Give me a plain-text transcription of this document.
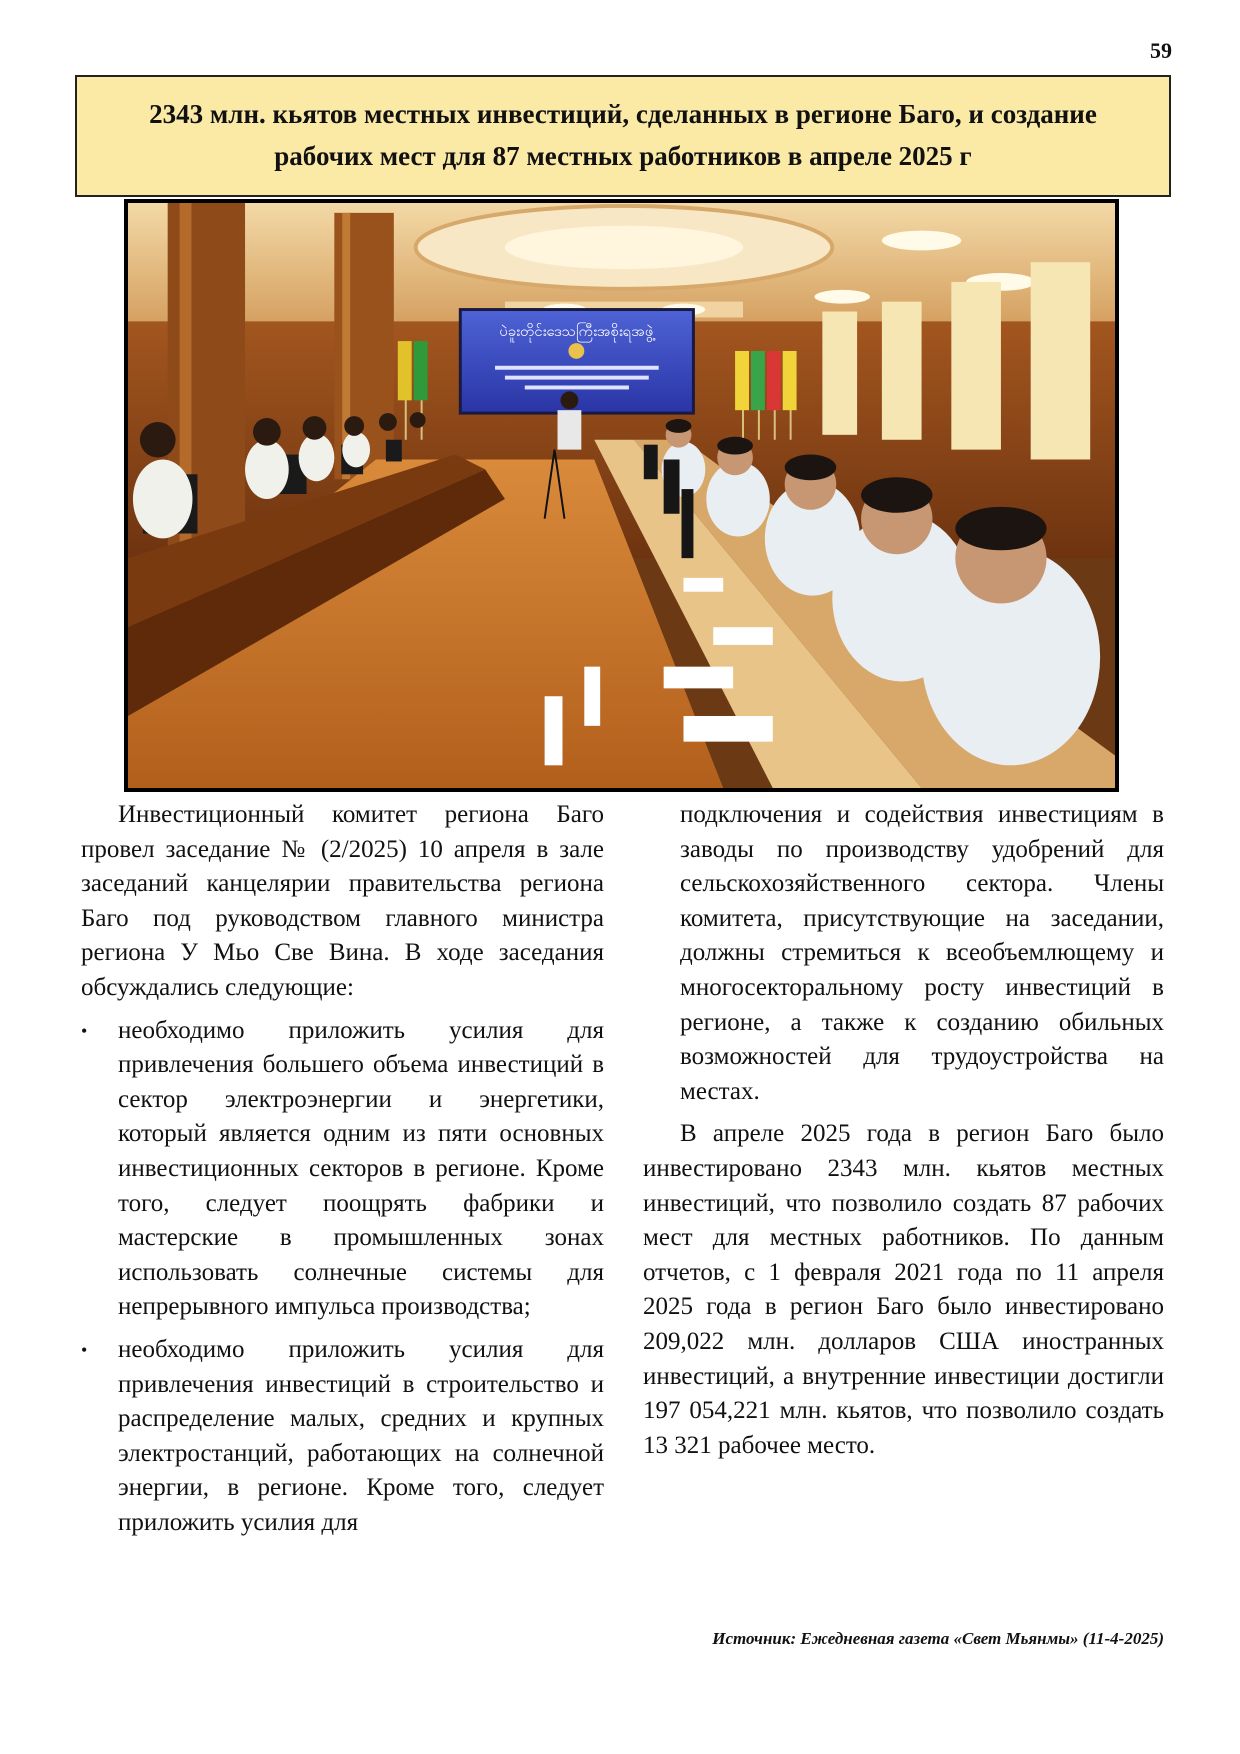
59
2343 млн. кьятов местных инвестиций, сделанных в регионе Баго, и создание рабочих мест для 87 местных работников в апреле 2025 г
ပဲခူးတိုင်းဒေသကြီးအစိုးရအဖွဲ့

Инвестиционный комитет региона Баго провел заседание № (2/2025) 10 апреля в зале заседаний канцелярии правительства региона Баго под руководством главного министра региона У Мьо Све Вина. В ходе заседания обсуждались следующие:

• необходимо приложить усилия для привлечения большего объема инвестиций в сектор электроэнергии и энергетики, который является одним из пяти основных инвестиционных секторов в регионе. Кроме того, следует поощрять фабрики и мастерские в промышленных зонах использовать солнечные системы для непрерывного импульса производства;
• необходимо приложить усилия для привлечения инвестиций в строительство и распределение малых, средних и крупных электростанций, работающих на солнечной энергии, в регионе. Кроме того, следует приложить усилия для

подключения и содействия инвестициям в заводы по производству удобрений для сельскохозяйственного сектора. Члены комитета, присутствующие на заседании, должны стремиться к всеобъемлющему и многосекторальному росту инвестиций в регионе, а также к созданию обильных возможностей для трудоустройства на местах.

В апреле 2025 года в регион Баго было инвестировано 2343 млн. кьятов местных инвестиций, что позволило создать 87 рабочих мест для местных работников. По данным отчетов, с 1 февраля 2021 года по 11 апреля 2025 года в регион Баго было инвестировано 209,022 млн. долларов США иностранных инвестиций, а внутренние инвестиции достигли 197 054,221 млн. кьятов, что позволило создать 13 321 рабочее место.

Источник: Ежедневная газета «Свет Мьянмы» (11-4-2025)
